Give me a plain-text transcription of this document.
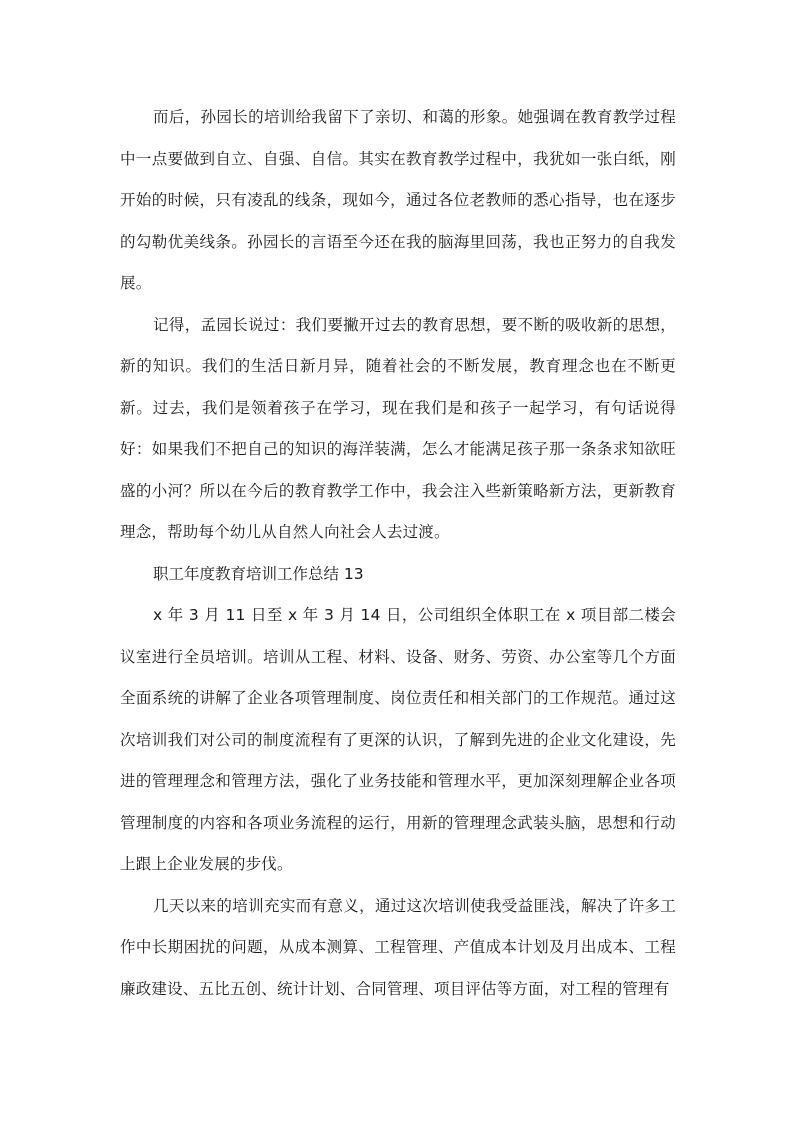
而后，孙园长的培训给我留下了亲切、和蔼的形象。她强调在教育教学过程中一点要做到自立、自强、自信。其实在教育教学过程中，我犹如一张白纸，刚开始的时候，只有凌乱的线条，现如今，通过各位老教师的悉心指导，也在逐步的勾勒优美线条。孙园长的言语至今还在我的脑海里回荡，我也正努力的自我发展。

记得，孟园长说过：我们要撇开过去的教育思想，要不断的吸收新的思想，新的知识。我们的生活日新月异，随着社会的不断发展，教育理念也在不断更新。过去，我们是领着孩子在学习，现在我们是和孩子一起学习，有句话说得好：如果我们不把自己的知识的海洋装满，怎么才能满足孩子那一条条求知欲旺盛的小河？所以在今后的教育教学工作中，我会注入些新策略新方法，更新教育理念，帮助每个幼儿从自然人向社会人去过渡。

职工年度教育培训工作总结 13

x 年 3 月 11 日至 x 年 3 月 14 日，公司组织全体职工在 x 项目部二楼会议室进行全员培训。培训从工程、材料、设备、财务、劳资、办公室等几个方面全面系统的讲解了企业各项管理制度、岗位责任和相关部门的工作规范。通过这次培训我们对公司的制度流程有了更深的认识，了解到先进的企业文化建设，先进的管理理念和管理方法，强化了业务技能和管理水平，更加深刻理解企业各项管理制度的内容和各项业务流程的运行，用新的管理理念武装头脑，思想和行动上跟上企业发展的步伐。

几天以来的培训充实而有意义，通过这次培训使我受益匪浅，解决了许多工作中长期困扰的问题，从成本测算、工程管理、产值成本计划及月出成本、工程廉政建设、五比五创、统计计划、合同管理、项目评估等方面，对工程的管理有
